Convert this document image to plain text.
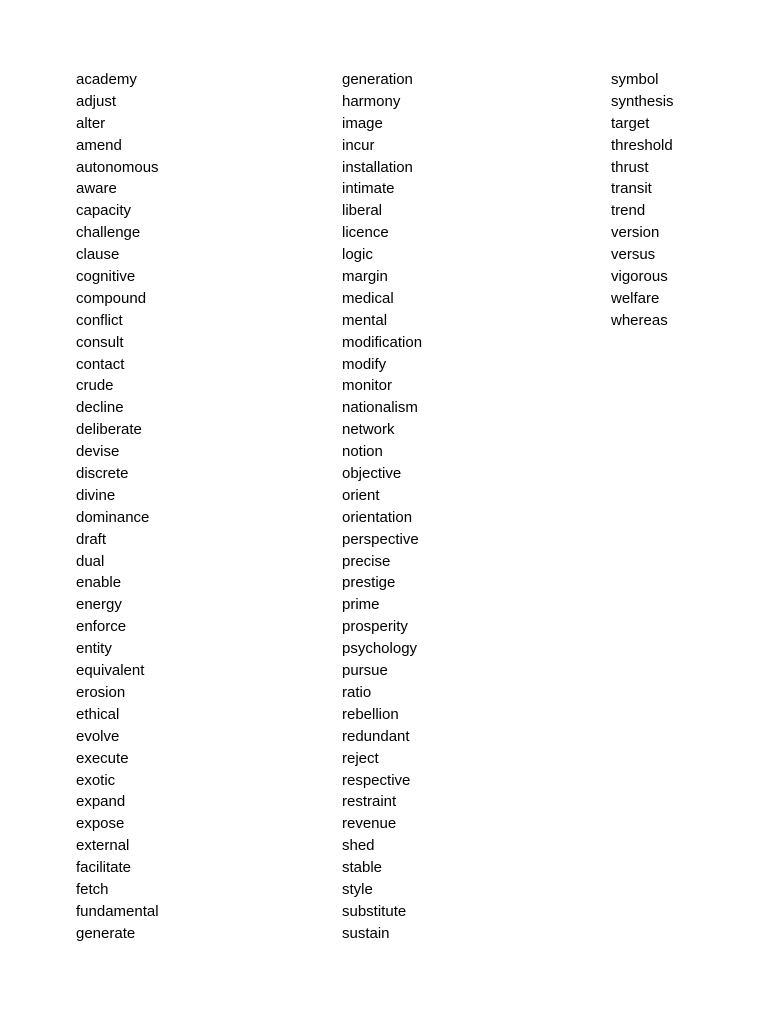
academy
adjust
alter
amend
autonomous
aware
capacity
challenge
clause
cognitive
compound
conflict
consult
contact
crude
decline
deliberate
devise
discrete
divine
dominance
draft
dual
enable
energy
enforce
entity
equivalent
erosion
ethical
evolve
execute
exotic
expand
expose
external
facilitate
fetch
fundamental
generate
generation
harmony
image
incur
installation
intimate
liberal
licence
logic
margin
medical
mental
modification
modify
monitor
nationalism
network
notion
objective
orient
orientation
perspective
precise
prestige
prime
prosperity
psychology
pursue
ratio
rebellion
redundant
reject
respective
restraint
revenue
shed
stable
style
substitute
sustain
symbol
synthesis
target
threshold
thrust
transit
trend
version
versus
vigorous
welfare
whereas
